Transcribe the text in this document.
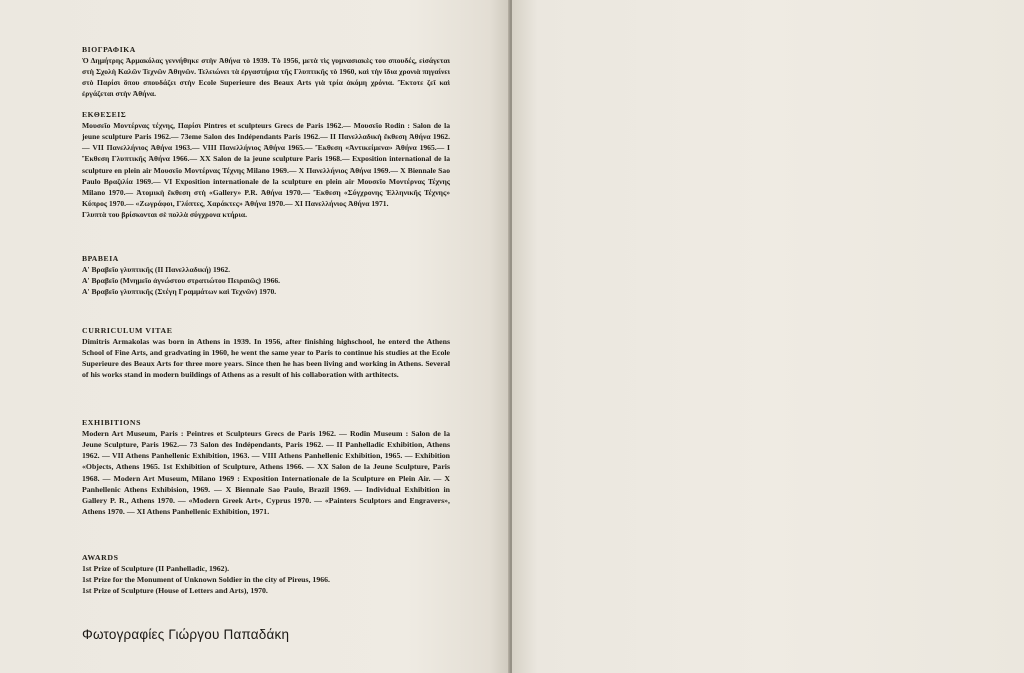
ΒΙΟΓΡΑΦΙΚΑ

Ὁ Δημήτρης Ἀρμακόλας γεννήθηκε στὴν Ἀθήνα τὸ 1939. Τὸ 1956, μετὰ τὶς γυμνασιακὲς του σπουδές, εἰσάγεται στὴ Σχολὴ Καλῶν Τεχνῶν Ἀθηνῶν. Τελειώνει τὰ ἐργαστήρια τῆς Γλυπτικῆς τὸ 1960, καὶ τὴν ἴδια χρονιὰ πηγαίνει στὸ Παρίσι ὅπου σπουδάζει στὴν Ecole Superieure des Beaux Arts γιὰ τρία ἀκόμη χρόνια. Ἔκτοτε ζεῖ καὶ ἐργάζεται στὴν Ἀθήνα.

ΕΚΘΕΣΕΙΣ

Μουσεῖο Μοντέρνας τέχνης, Παρίσι Pintres et sculpteurs Grecs de Paris 1962.— Μουσεῖο Rodin : Salon de la jeune sculpture Paris 1962.— 73eme Salon des Indépendants Paris 1962.— II Πανελλαδικὴ ἔκθεση Ἀθήνα 1962.— VII Πανελλήνιος Ἀθήνα 1963.— VIII Πανελλήνιος Ἀθήνα 1965.— Ἔκθεση «Ἀντικείμενα» Ἀθήνα 1965.— I Ἔκθεση Γλυπτικῆς Ἀθήνα 1966.— XX Salon de la jeune sculpture Paris 1968.— Exposition international de la sculpture en plein air Μουσεῖο Μοντέρνας Τέχνης Milano 1969.— X Πανελλήνιος Ἀθήνα 1969.— X Biennale Sao Paulo Βραζιλία 1969.— VI Exposition internationale de la sculpture en plein air Μουσεῖο Μοντέρνας Τέχνης Milano 1970.— Ἀτομικὴ ἔκθεση στὴ «Gallery» P.R. Ἀθήνα 1970.— Ἔκθεση «Σύγχρονης Ἑλληνικῆς Τέχνης» Κύπρος 1970.— «Ζωγράφοι, Γλύπτες, Χαράκτες» Ἀθήνα 1970.— XI Πανελλήνιος Ἀθήνα 1971.

Γλυπτὰ του βρίσκονται σὲ πολλὰ σύγχρονα κτήρια.

ΒΡΑΒΕΙΑ

Α' Βραβεῖο γλυπτικῆς (II Πανελλαδική) 1962.

Α' Βραβεῖο (Μνημεῖο ἀγνώστου στρατιώτου Πειραιῶς) 1966.

Α' Βραβεῖο γλυπτικῆς (Στέγη Γραμμάτων καὶ Τεχνῶν) 1970.

CURRICULUM VITAE

Dimitris Armakolas was born in Athens in 1939. In 1956, after finishing highschool, he enterd the Athens School of Fine Arts, and gradvating in 1960, he went the same year to Paris to continue his studies at the Ecole Superieure des Beaux Arts for three more years. Since then he has been living and working in Athens. Several of his works stand in modern buildings of Athens as a result of his collaboration with arthitects.

EXHIBITIONS

Modern Art Museum, Paris : Peintres et Sculpteurs Grecs de Paris 1962. — Rodin Museum : Salon de la Jeune Sculpture, Paris 1962.— 73 Salon des Indépendants, Paris 1962. — II Panhelladic Exhibition, Athens 1962. — VII Athens Panhellenic Exhibition, 1963. — VIII Athens Panhellenic Exhibition, 1965. — Exhibition «Objects, Athens 1965. 1st Exhibition of Sculpture, Athens 1966. — XX Salon de la Jeune Sculpture, Paris 1968. — Modern Art Museum, Milano 1969 : Exposition Internationale de la Sculpture en Plein Air. — X Panhellenic Athens Exhibision, 1969. — X Biennale Sao Paulo, Brazil 1969. — Individual Exhibition in Gallery P. R., Athens 1970. — «Modern Greek Art», Cyprus 1970. — «Painters Sculptors and Engravers», Athens 1970. — XI Athens Panhellenic Exhibition, 1971.

AWARDS

1st Prize of Sculpture (II Panhelladic, 1962).

1st Prize for the Monument of Unknown Soldier in the city of Pireus, 1966.

1st Prize of Sculpture (House of Letters and Arts), 1970.

Φωτογραφίες Γιώργου Παπαδάκη
